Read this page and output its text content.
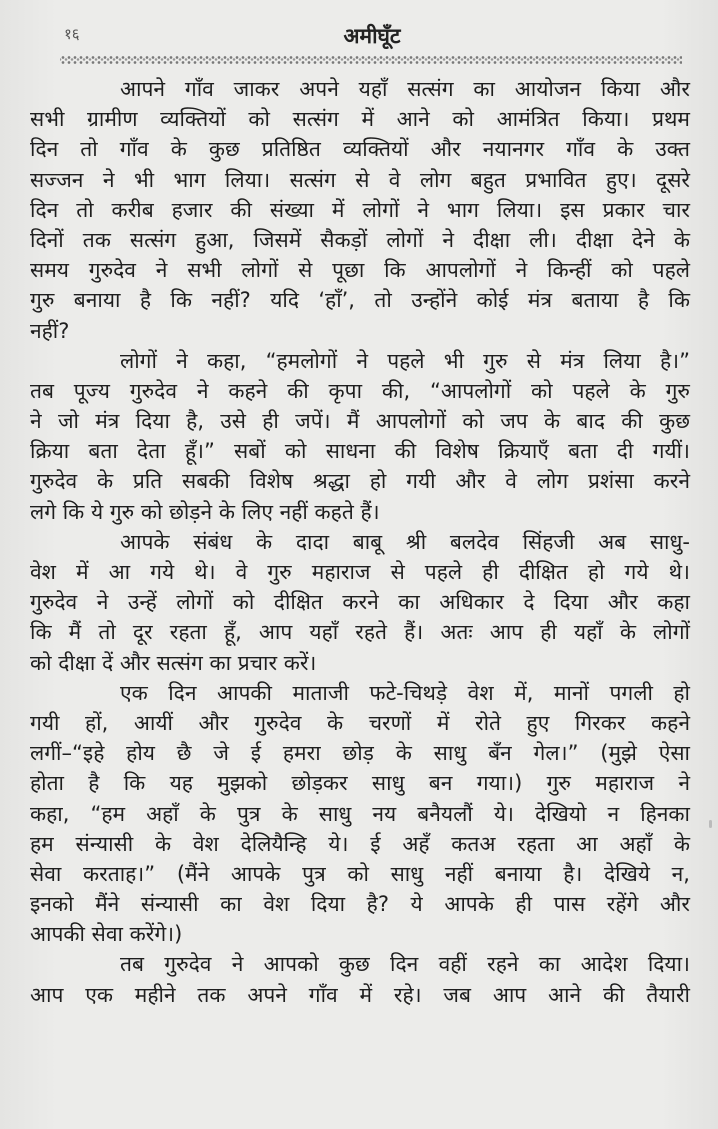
१६	अमीघूँट
आपने गाँव जाकर अपने यहाँ सत्संग का आयोजन किया और
सभी ग्रामीण व्यक्तियों को सत्संग में आने को आमंत्रित किया। प्रथम
दिन तो गाँव के कुछ प्रतिष्ठित व्यक्तियों और नयानगर गाँव के उक्त
सज्जन ने भी भाग लिया। सत्संग से वे लोग बहुत प्रभावित हुए। दूसरे
दिन तो करीब हजार की संख्या में लोगों ने भाग लिया। इस प्रकार चार
दिनों तक सत्संग हुआ, जिसमें सैकड़ों लोगों ने दीक्षा ली। दीक्षा देने के
समय गुरुदेव ने सभी लोगों से पूछा कि आपलोगों ने किन्हीं को पहले
गुरु बनाया है कि नहीं? यदि ‘हाँ’, तो उन्होंने कोई मंत्र बताया है कि
नहीं?
लोगों ने कहा, “हमलोगों ने पहले भी गुरु से मंत्र लिया है।”
तब पूज्य गुरुदेव ने कहने की कृपा की, “आपलोगों को पहले के गुरु
ने जो मंत्र दिया है, उसे ही जपें। मैं आपलोगों को जप के बाद की कुछ
क्रिया बता देता हूँ।” सबों को साधना की विशेष क्रियाएँ बता दी गयीं।
गुरुदेव के प्रति सबकी विशेष श्रद्धा हो गयी और वे लोग प्रशंसा करने
लगे कि ये गुरु को छोड़ने के लिए नहीं कहते हैं।
आपके संबंध के दादा बाबू श्री बलदेव सिंहजी अब साधु-
वेश में आ गये थे। वे गुरु महाराज से पहले ही दीक्षित हो गये थे।
गुरुदेव ने उन्हें लोगों को दीक्षित करने का अधिकार दे दिया और कहा
कि मैं तो दूर रहता हूँ, आप यहाँ रहते हैं। अतः आप ही यहाँ के लोगों
को दीक्षा दें और सत्संग का प्रचार करें।
एक दिन आपकी माताजी फटे-चिथड़े वेश में, मानों पगली हो
गयी हों, आयीं और गुरुदेव के चरणों में रोते हुए गिरकर कहने
लगीं–“इहे होय छै जे ई हमरा छोड़ के साधु बँन गेल।” (मुझे ऐसा
होता है कि यह मुझको छोड़कर साधु बन गया।) गुरु महाराज ने
कहा, “हम अहाँ के पुत्र के साधु नय बनैयलौं ये। देखियो न हिनका
हम संन्यासी के वेश देलियैन्हि ये। ई अहँ कतअ रहता आ अहाँ के
सेवा करताह।” (मैंने आपके पुत्र को साधु नहीं बनाया है। देखिये न,
इनको मैंने संन्यासी का वेश दिया है? ये आपके ही पास रहेंगे और
आपकी सेवा करेंगे।)
तब गुरुदेव ने आपको कुछ दिन वहीं रहने का आदेश दिया।
आप एक महीने तक अपने गाँव में रहे। जब आप आने की तैयारी
